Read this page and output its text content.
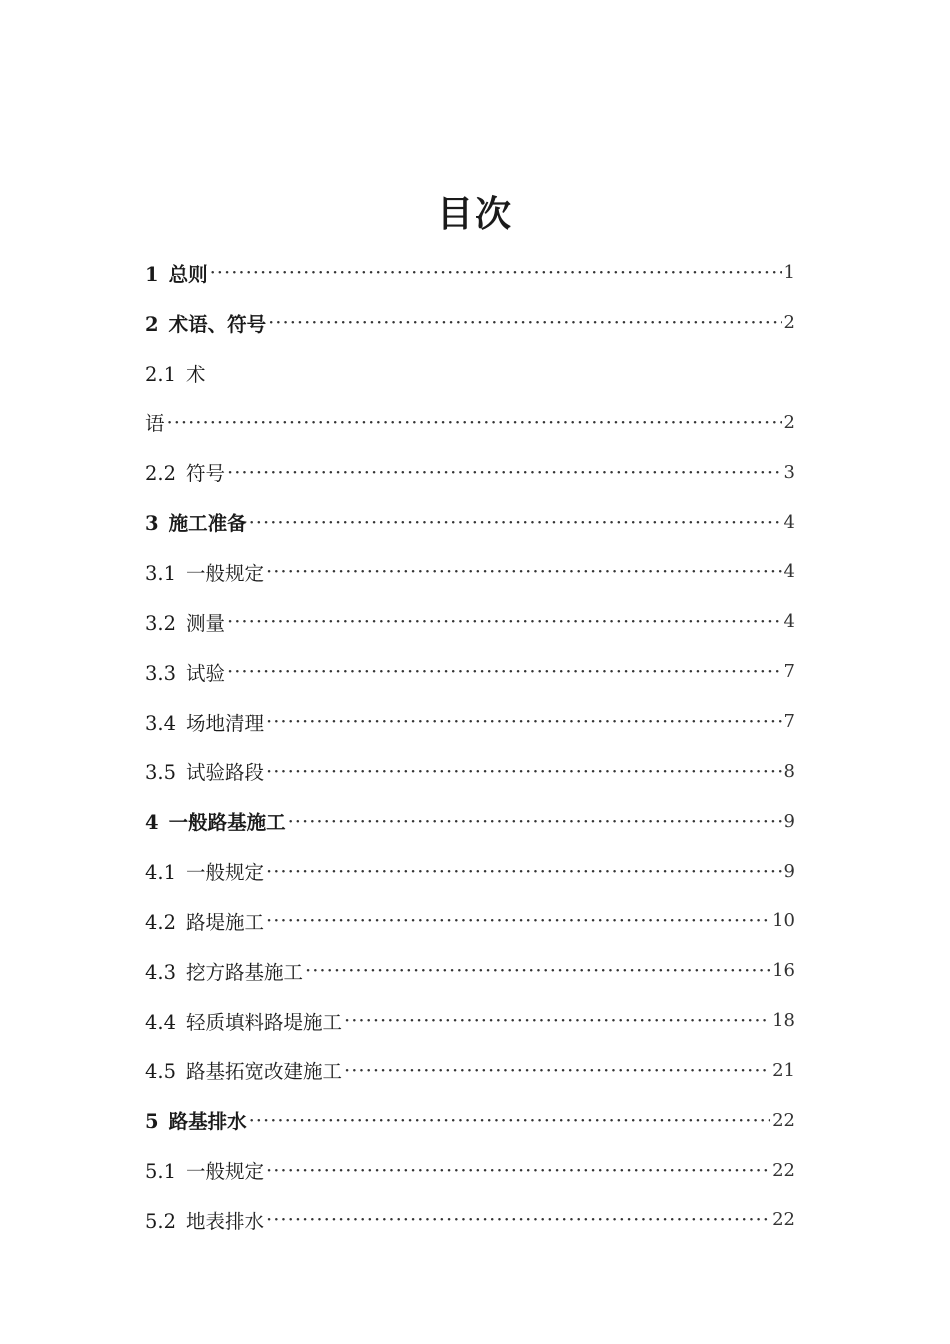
目次
1 总则 ·····	1
2 术语、符号 ·····	2
2.1 术
语 ·····	2
2.2 符号 ·····	3
3 施工准备 ·····	4
3.1 一般规定 ·····	4
3.2 测量 ·····	4
3.3 试验 ·····	7
3.4 场地清理 ·····	7
3.5 试验路段 ·····	8
4 一般路基施工 ·····	9
4.1 一般规定 ·····	9
4.2 路堤施工 ·····	10
4.3 挖方路基施工 ·····	16
4.4 轻质填料路堤施工 ·····	18
4.5 路基拓宽改建施工 ·····	21
5 路基排水 ·····	22
5.1 一般规定 ·····	22
5.2 地表排水 ·····	22
